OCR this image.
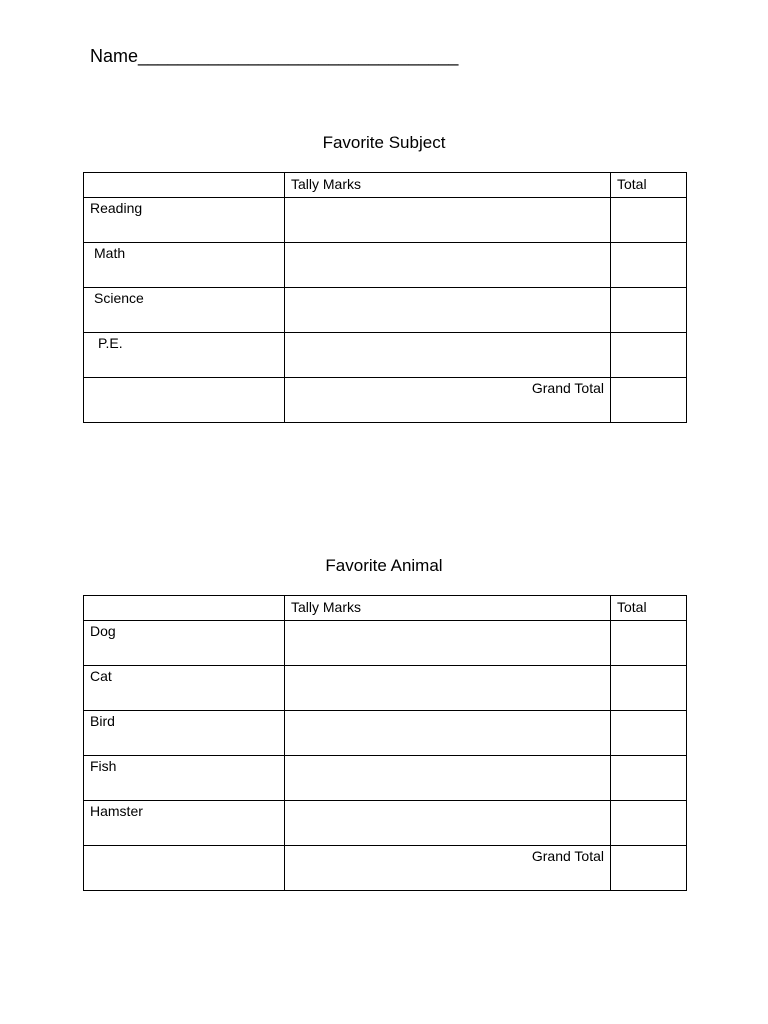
Name________________________________
Favorite Subject
	Tally Marks	Total
Reading		
Math		
Science		
P.E.		
	Grand Total	
Favorite Animal
	Tally Marks	Total
Dog		
Cat		
Bird		
Fish		
Hamster		
	Grand Total	
